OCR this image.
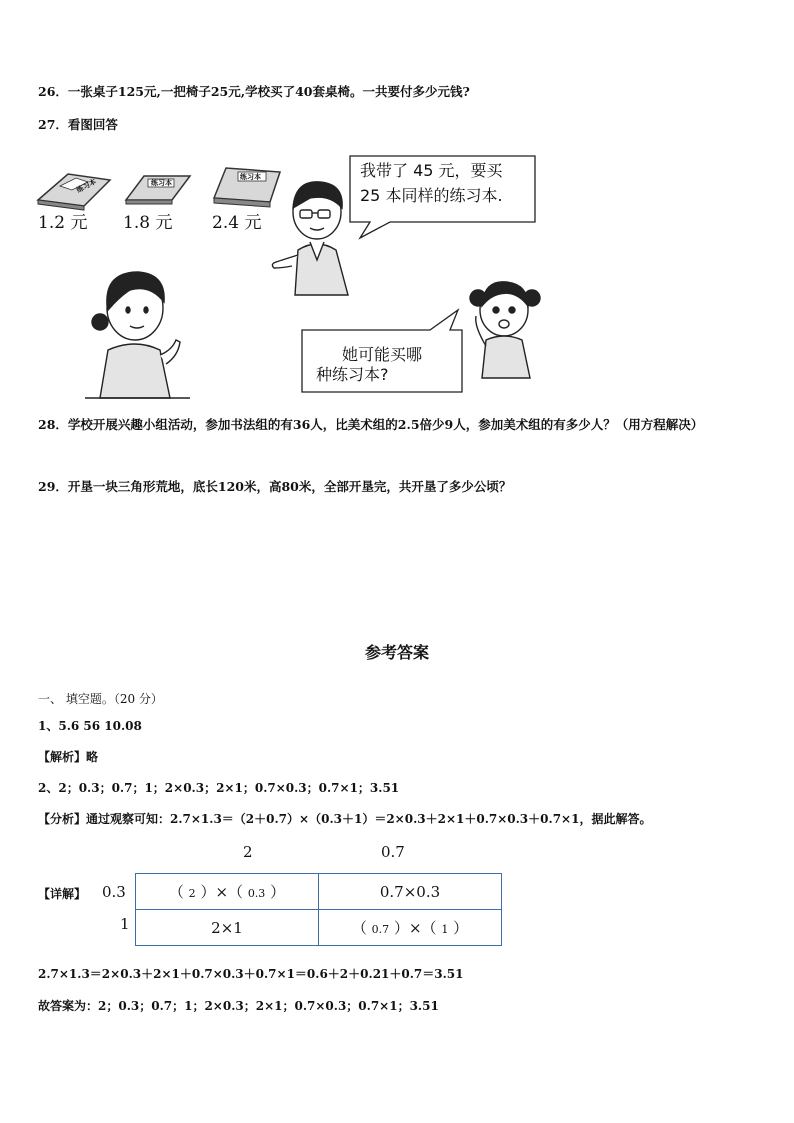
26．一张桌子125元,一把椅子25元,学校买了40套桌椅。一共要付多少元钱?
27．看图回答
1.2 元 1.8 元 2.4 元
练习本	练习本
练习本	我带了 45 元，要买
25 本同样的练习本.
她可能买哪
种练习本?
28．学校开展兴趣小组活动，参加书法组的有36人，比美术组的2.5倍少9人，参加美术组的有多少人？（用方程解决）
29．开垦一块三角形荒地，底长120米，高80米，全部开垦完，共开垦了多少公顷？
参考答案
一、 填空题。（20 分）
1、5.6 56 10.08
【解析】略
2、2；0.3；0.7；1；2×0.3；2×1；0.7×0.3；0.7×1；3.51
【分析】通过观察可知：2.7×1.3＝（2＋0.7）×（0.3＋1）＝2×0.3＋2×1＋0.7×0.3＋0.7×1，据此解答。
2	0.7
【详解】 0.3
1
（ 2 ）×（ 0.3 ）	0.7×0.3
2×1	（ 0.7 ）×（ 1 ）
2.7×1.3＝2×0.3＋2×1＋0.7×0.3＋0.7×1＝0.6＋2＋0.21＋0.7＝3.51
故答案为：2；0.3；0.7；1；2×0.3；2×1；0.7×0.3；0.7×1；3.51
